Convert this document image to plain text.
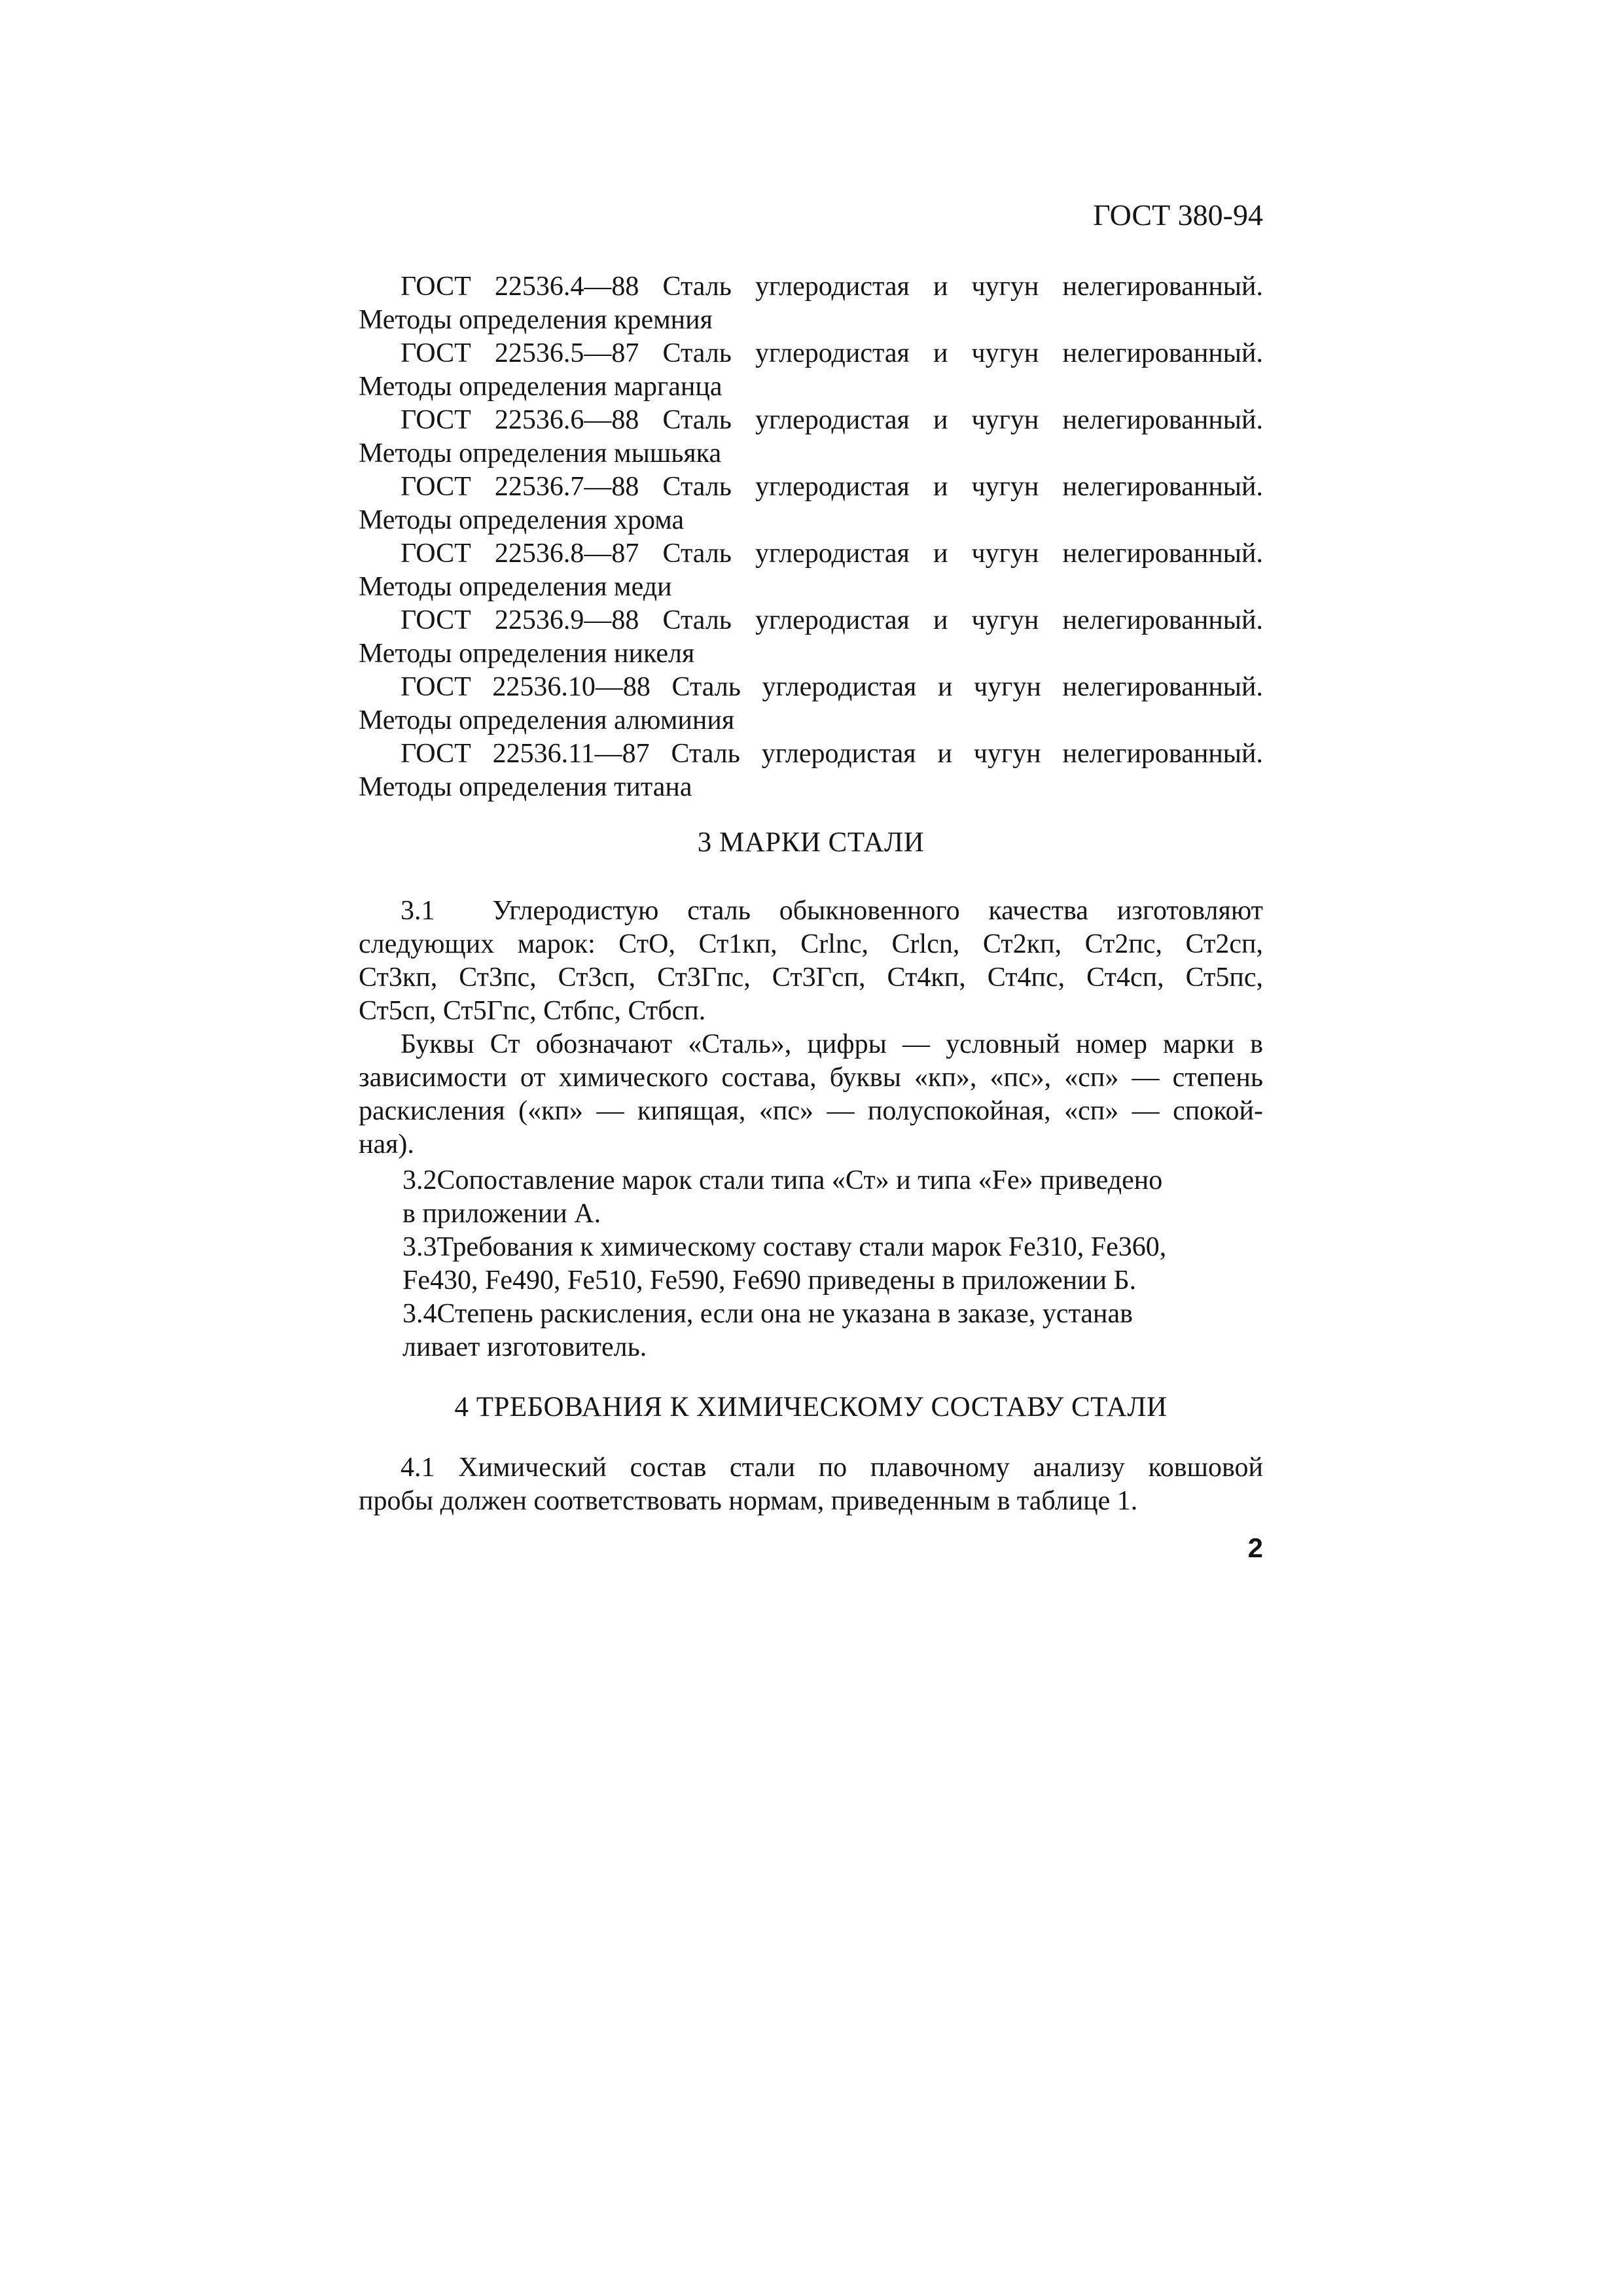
ГОСТ 380-94
ГОСТ 22536.4—88 Сталь углеродистая и чугун нелегированный.
Методы определения кремния
ГОСТ 22536.5—87 Сталь углеродистая и чугун нелегированный.
Методы определения марганца
ГОСТ 22536.6—88 Сталь углеродистая и чугун нелегированный.
Методы определения мышьяка
ГОСТ 22536.7—88 Сталь углеродистая и чугун нелегированный.
Методы определения хрома
ГОСТ 22536.8—87 Сталь углеродистая и чугун нелегированный.
Методы определения меди
ГОСТ 22536.9—88 Сталь углеродистая и чугун нелегированный.
Методы определения никеля
ГОСТ 22536.10—88 Сталь углеродистая и чугун нелегированный.
Методы определения алюминия
ГОСТ 22536.11—87 Сталь углеродистая и чугун нелегированный.
Методы определения титана
3 МАРКИ СТАЛИ
3.1  Углеродистую сталь обыкновенного качества изготовляют
следующих марок: СтО, Ст1кп, Crlnc, Crlcn, Ст2кп, Ст2пс, Ст2сп,
Ст3кп, Ст3пс, Ст3сп, Ст3Гпс, Ст3Гсп, Ст4кп, Ст4пс, Ст4сп, Ст5пс,
Ст5сп, Ст5Гпс, Стбпс, Стбсп.
Буквы Ст обозначают «Сталь», цифры — условный номер марки в
зависимости от химического состава, буквы «кп», «пс», «сп» — степень
раскисления («кп» — кипящая, «пс» — полуспокойная, «сп» — спокой-
ная).
3.2Сопоставление марок стали типа «Ст» и типа «Fe» приведено
в приложении А.
3.3Требования к химическому составу стали марок Fe310, Fe360,
Fe430, Fe490, Fe510, Fe590, Fe690 приведены в приложении Б.
3.4Степень раскисления, если она не указана в заказе, устанав
ливает изготовитель.
4 ТРЕБОВАНИЯ К ХИМИЧЕСКОМУ СОСТАВУ СТАЛИ
4.1 Химический состав стали по плавочному анализу ковшовой
пробы должен соответствовать нормам, приведенным в таблице 1.
2
